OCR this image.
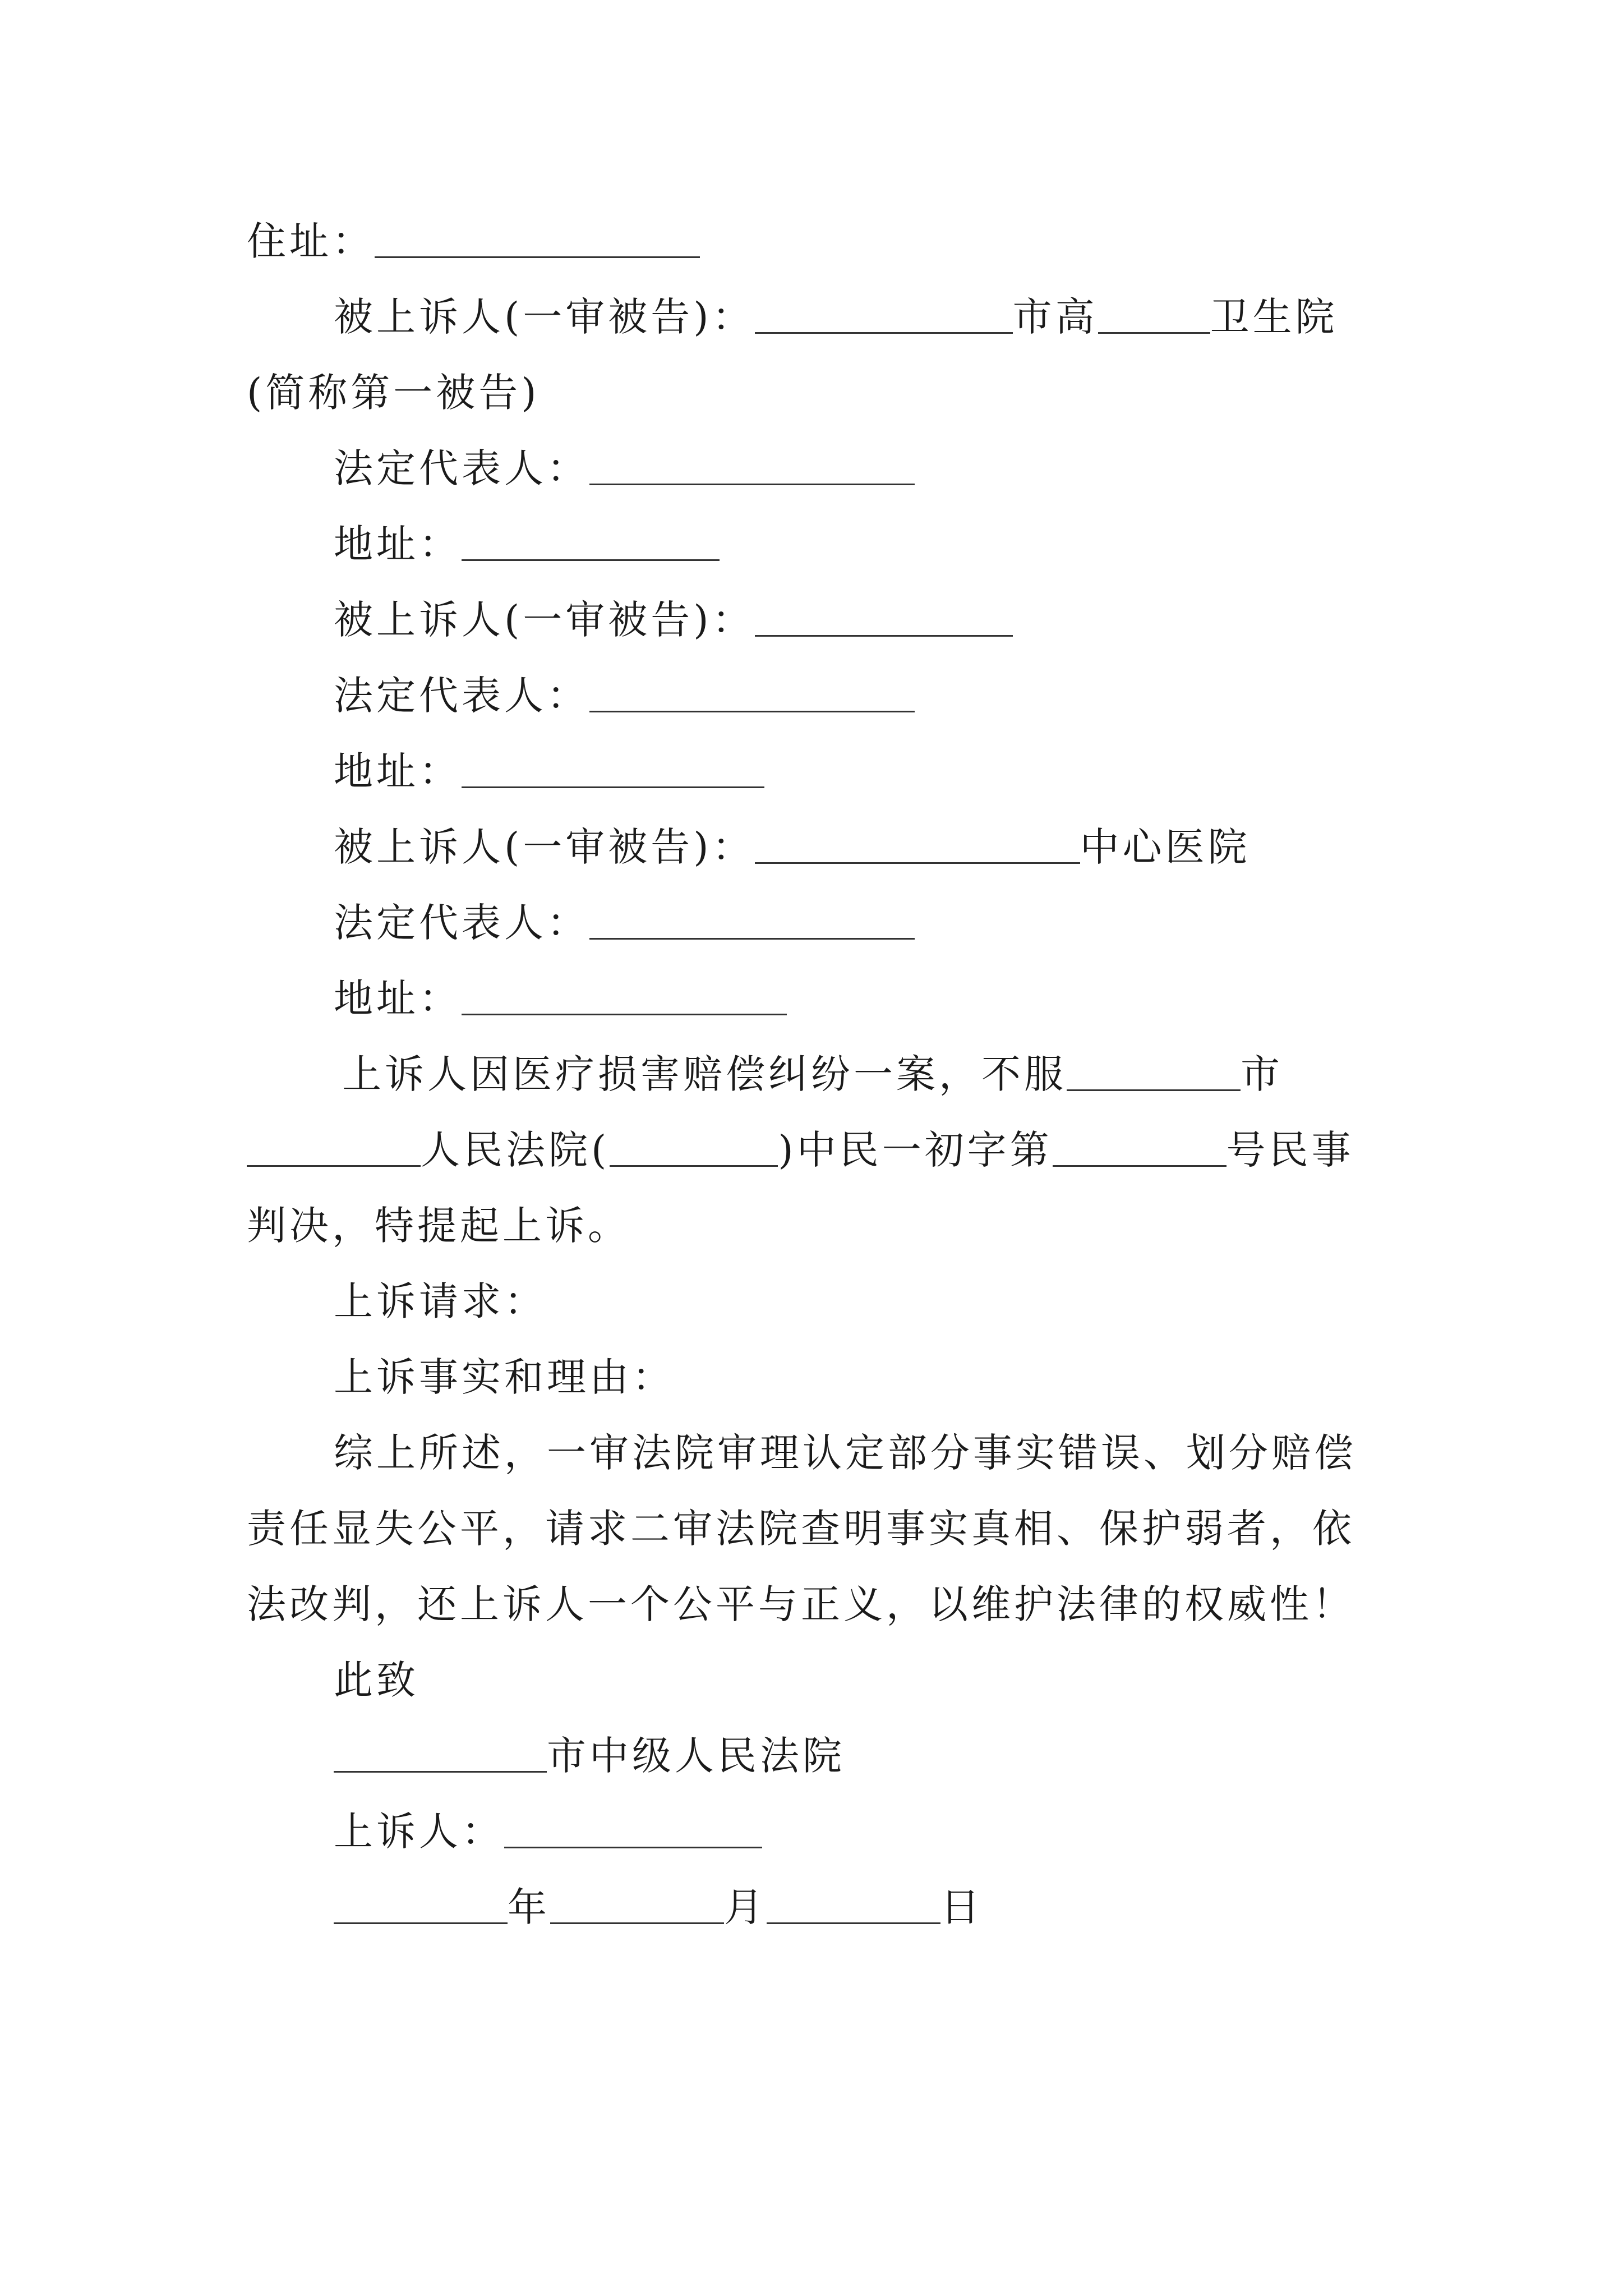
住址：
被上诉人(一审被告)：	市高	卫生院
(简称第一被告)
法定代表人：
地址：
被上诉人(一审被告)：
法定代表人：
地址：
被上诉人(一审被告)：	中心医院
法定代表人：
地址：
上诉人因医疗损害赔偿纠纷一案，不服	市
人民法院(	)中民一初字第	号民事
判决，特提起上诉。
上诉请求：
上诉事实和理由：
综上所述，一审法院审理认定部分事实错误、划分赔偿
责任显失公平，请求二审法院查明事实真相、保护弱者，依
法改判，还上诉人一个公平与正义，以维护法律的权威性！
此致
市中级人民法院
上诉人：
年	月	日
